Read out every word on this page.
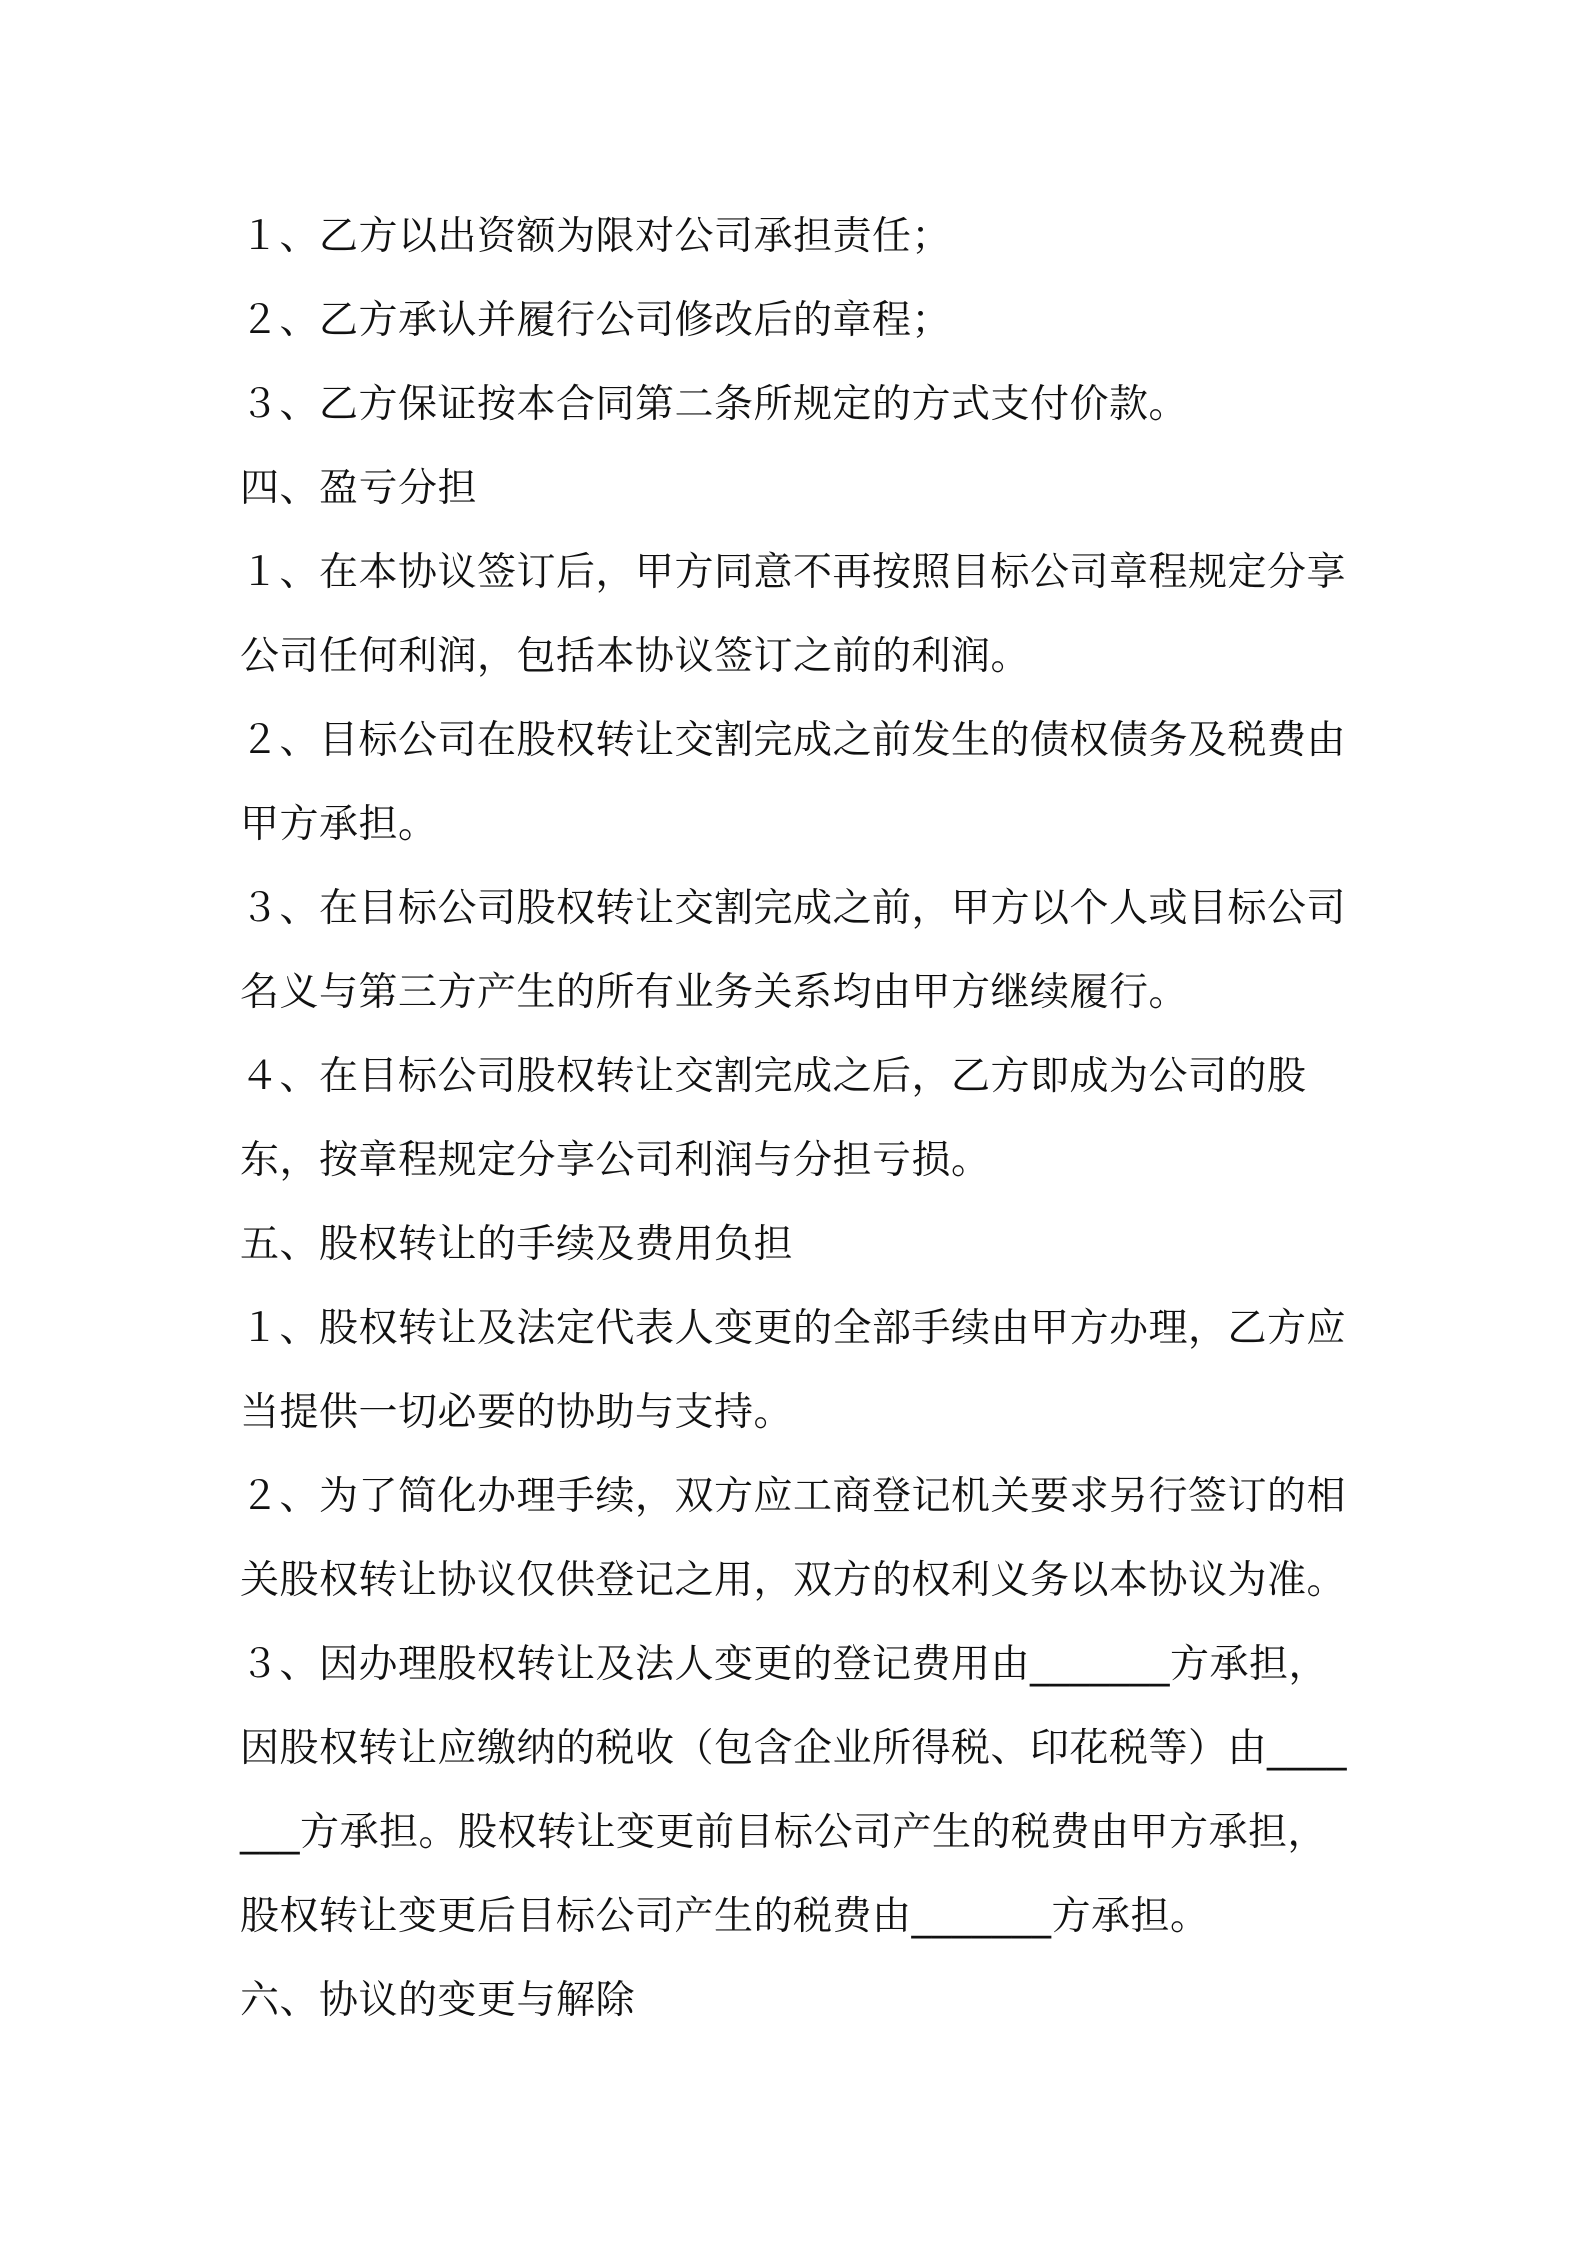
１、乙方以出资额为限对公司承担责任；

２、乙方承认并履行公司修改后的章程；

３、乙方保证按本合同第二条所规定的方式支付价款。

四、盈亏分担

１、在本协议签订后，甲方同意不再按照目标公司章程规定分享公司任何利润，包括本协议签订之前的利润。

２、目标公司在股权转让交割完成之前发生的债权债务及税费由甲方承担。

３、在目标公司股权转让交割完成之前，甲方以个人或目标公司名义与第三方产生的所有业务关系均由甲方继续履行。

４、在目标公司股权转让交割完成之后，乙方即成为公司的股东，按章程规定分享公司利润与分担亏损。

五、股权转让的手续及费用负担

１、股权转让及法定代表人变更的全部手续由甲方办理，乙方应当提供一切必要的协助与支持。

２、为了简化办理手续，双方应工商登记机关要求另行签订的相关股权转让协议仅供登记之用，双方的权利义务以本协议为准。

３、因办理股权转让及法人变更的登记费用由_______方承担，因股权转让应缴纳的税收（包含企业所得税、印花税等）由_______方承担。股权转让变更前目标公司产生的税费由甲方承担，股权转让变更后目标公司产生的税费由_______方承担。

六、协议的变更与解除
